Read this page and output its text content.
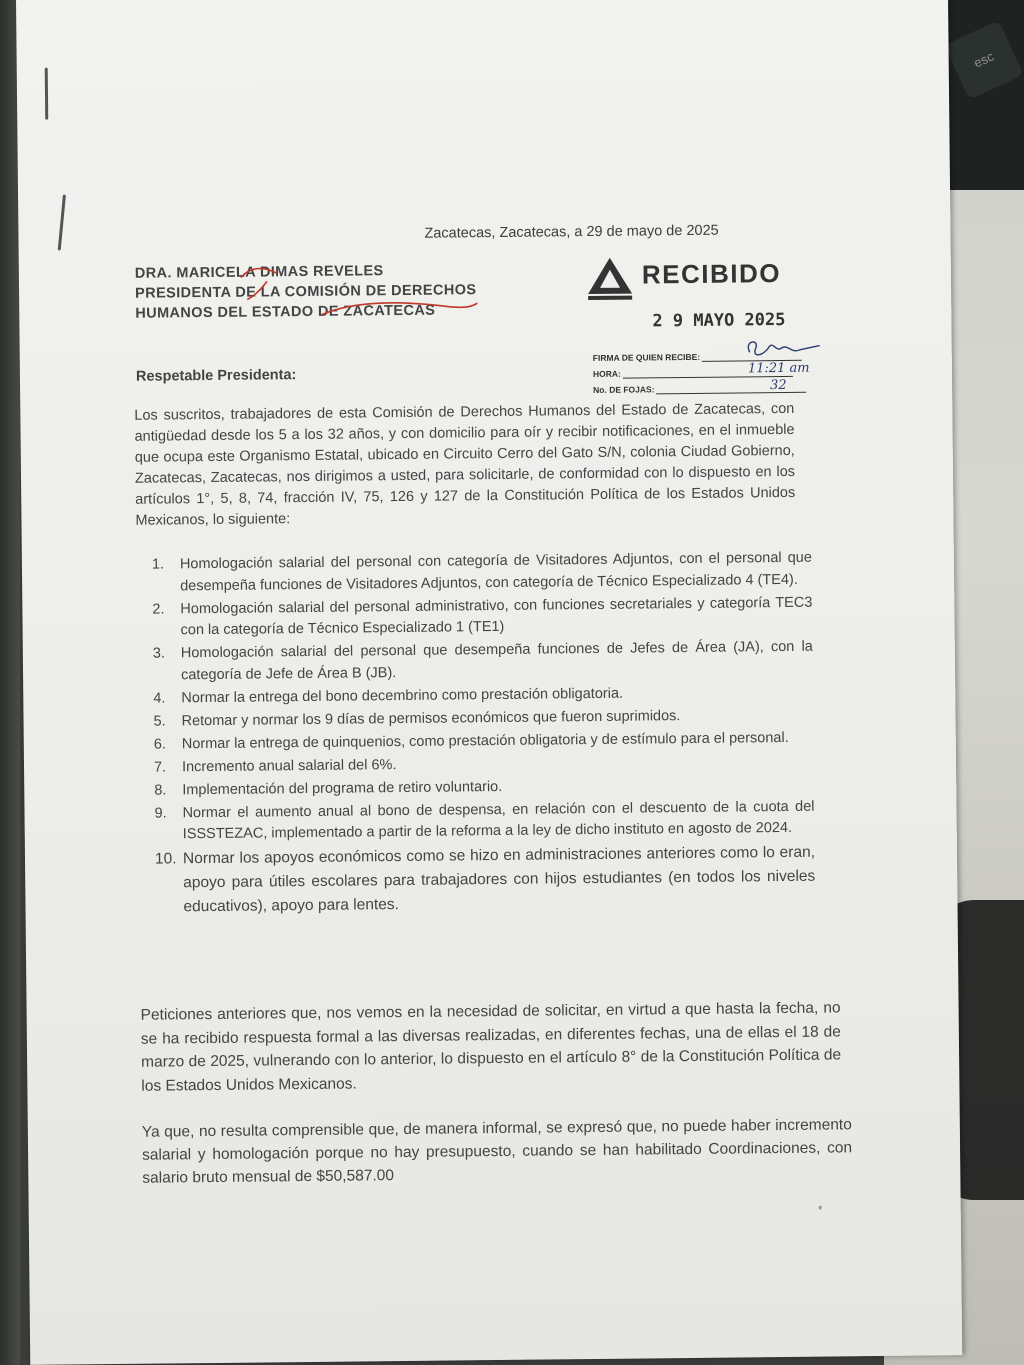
esc
Zacatecas, Zacatecas, a 29 de mayo de 2025
DRA. MARICELA DIMAS REVELES
PRESIDENTA DE LA COMISIÓN DE DERECHOS
HUMANOS DEL ESTADO DE ZACATECAS
Respetable Presidenta:
RECIBIDO
2 9 MAYO 2025
FIRMA DE QUIEN RECIBE:
HORA:
No. DE FOJAS:
11:21 am
32
Los suscritos, trabajadores de esta Comisión de Derechos Humanos del Estado de Zacatecas, con antigüedad desde los 5 a los 32 años, y con domicilio para oír y recibir notificaciones, en el inmueble que ocupa este Organismo Estatal, ubicado en Circuito Cerro del Gato S/N, colonia Ciudad Gobierno, Zacatecas, Zacatecas, nos dirigimos a usted, para solicitarle, de conformidad con lo dispuesto en los artículos 1°, 5, 8, 74, fracción IV, 75, 126 y 127 de la Constitución Política de los Estados Unidos Mexicanos, lo siguiente:
1. Homologación salarial del personal con categoría de Visitadores Adjuntos, con el personal que desempeña funciones de Visitadores Adjuntos, con categoría de Técnico Especializado 4 (TE4).
2. Homologación salarial del personal administrativo, con funciones secretariales y categoría TEC3 con la categoría de Técnico Especializado 1 (TE1)
3. Homologación salarial del personal que desempeña funciones de Jefes de Área (JA), con la categoría de Jefe de Área B (JB).
4. Normar la entrega del bono decembrino como prestación obligatoria.
5. Retomar y normar los 9 días de permisos económicos que fueron suprimidos.
6. Normar la entrega de quinquenios, como prestación obligatoria y de estímulo para el personal.
7. Incremento anual salarial del 6%.
8. Implementación del programa de retiro voluntario.
9. Normar el aumento anual al bono de despensa, en relación con el descuento de la cuota del ISSSTEZAC, implementado a partir de la reforma a la ley de dicho instituto en agosto de 2024.
10. Normar los apoyos económicos como se hizo en administraciones anteriores como lo eran, apoyo para útiles escolares para trabajadores con hijos estudiantes (en todos los niveles educativos), apoyo para lentes.
Peticiones anteriores que, nos vemos en la necesidad de solicitar, en virtud a que hasta la fecha, no se ha recibido respuesta formal a las diversas realizadas, en diferentes fechas, una de ellas el 18 de marzo de 2025, vulnerando con lo anterior, lo dispuesto en el artículo 8° de la Constitución Política de los Estados Unidos Mexicanos.
Ya que, no resulta comprensible que, de manera informal, se expresó que, no puede haber incremento salarial y homologación porque no hay presupuesto, cuando se han habilitado Coordinaciones, con salario bruto mensual de $50,587.00
